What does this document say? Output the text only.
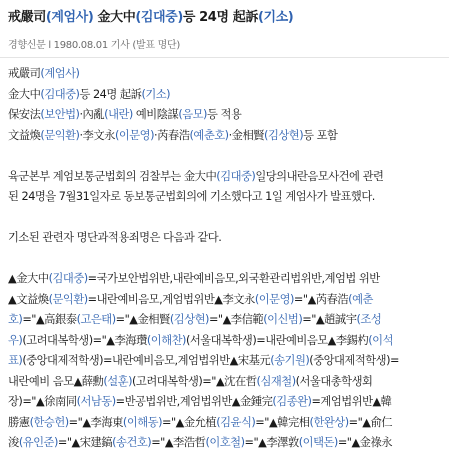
戒嚴司(계엄사) 金大中(김대중)등 24명 起訴(기소)
경향신문 l 1980.08.01 기사 (발표 명단)
戒嚴司(계엄사)
金大中(김대중)등 24명 起訴(기소)
保安法(보안법)·內亂(내란) 예비陰謀(음모)등 적용
文益煥(문익환)·李文永(이문영)·芮春浩(예춘호)·金相賢(김상현)등 포함
육군본부 계엄보통군법회의 검찰부는 金大中(김대중)일당의내란음모사건에 관련
된 24명을 7월31일자로 동보통군법회의에 기소했다고 1일 계엄사가 발표했다.
기소된 관련자 명단과적용죄명은 다음과 같다.
▲金大中(김대중)=국가보안법위반,내란예비음모,외국환관리법위반,계엄법 위반
▲文益煥(문익환)=내란예비음모,계엄법위반▲李文永(이문영)="▲芮春浩(예춘
호)="▲高銀泰(고은태)="▲金相賢(김상현)="▲李信範(이신범)="▲趙誠宇(조성
우)(고려대복학생)="▲李海瓚(이해찬)(서울대복학생)=내란예비음모▲李錫杓(이석
표)(중앙대제적학생)=내란예비음모,계엄법위반▲宋基元(송기원)(중앙대제적학생)=
내란예비 음모▲薛勳(설훈)(고려대복학생)="▲沈在哲(심재철)(서울대총학생회
장)="▲徐南同(서남동)=반공법위반,계엄법위반▲金鍾完(김종완)=계엄법위반▲韓
勝憲(한승헌)="▲李海東(이해동)="▲金允植(김윤식)="▲韓完相(한완상)="▲俞仁
浚(유인준)="▲宋建鎬(송건호)="▲李浩哲(이호철)="▲李澤敦(이택돈)="▲金祿永
